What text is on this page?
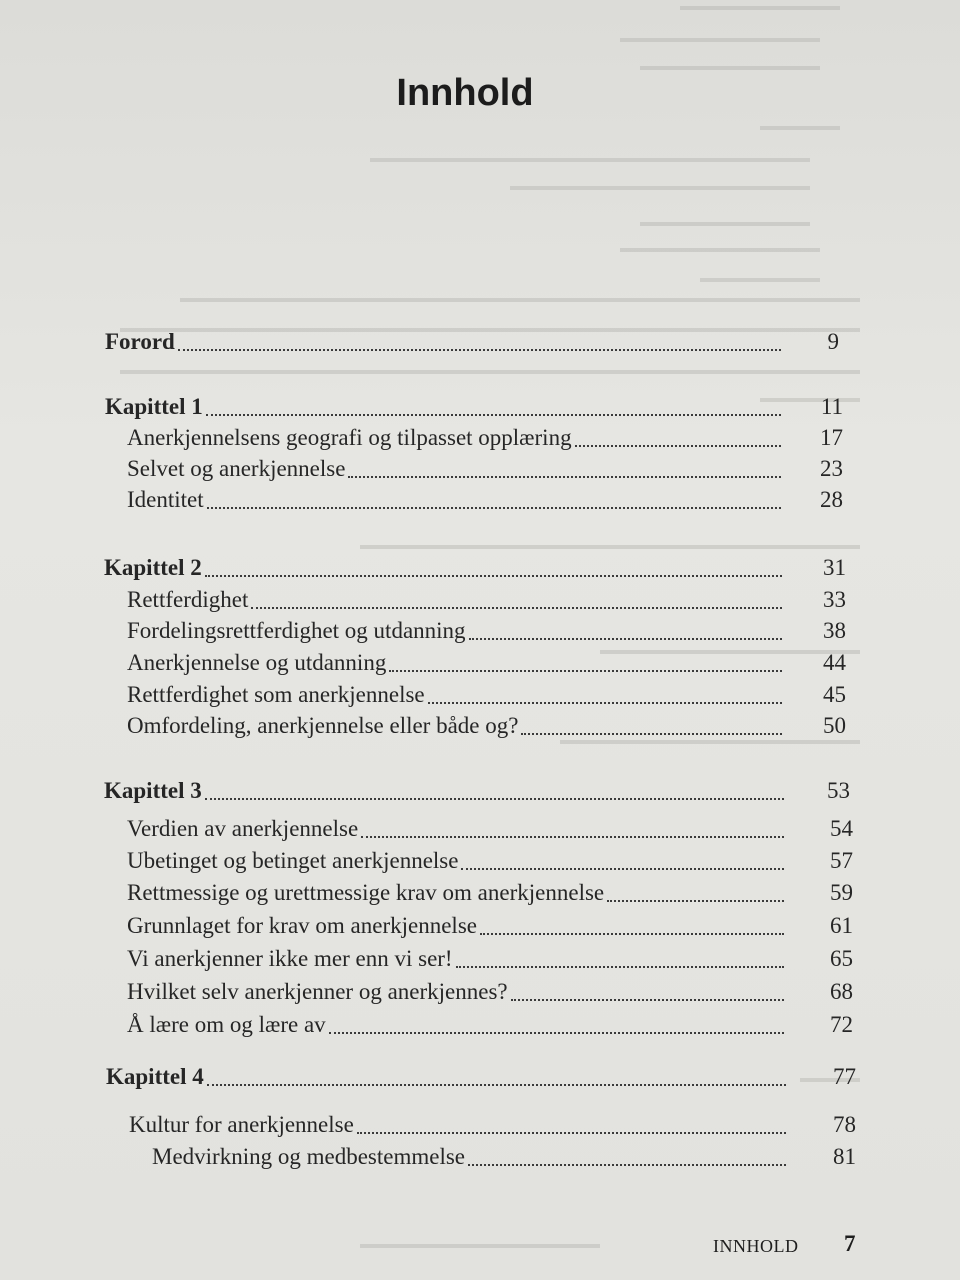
Innhold
Forord	9
Kapittel 1	11
Anerkjennelsens geografi og tilpasset opplæring	17
Selvet og anerkjennelse	23
Identitet	28
Kapittel 2	31
Rettferdighet	33
Fordelingsrettferdighet og utdanning	38
Anerkjennelse og utdanning	44
Rettferdighet som anerkjennelse	45
Omfordeling, anerkjennelse eller både og?	50
Kapittel 3	53
Verdien av anerkjennelse	54
Ubetinget og betinget anerkjennelse	57
Rettmessige og urettmessige krav om anerkjennelse	59
Grunnlaget for krav om anerkjennelse	61
Vi anerkjenner ikke mer enn vi ser!	65
Hvilket selv anerkjenner og anerkjennes?	68
Å lære om og lære av	72
Kapittel 4	77
Kultur for anerkjennelse	78
Medvirkning og medbestemmelse	81
INNHOLD 7
